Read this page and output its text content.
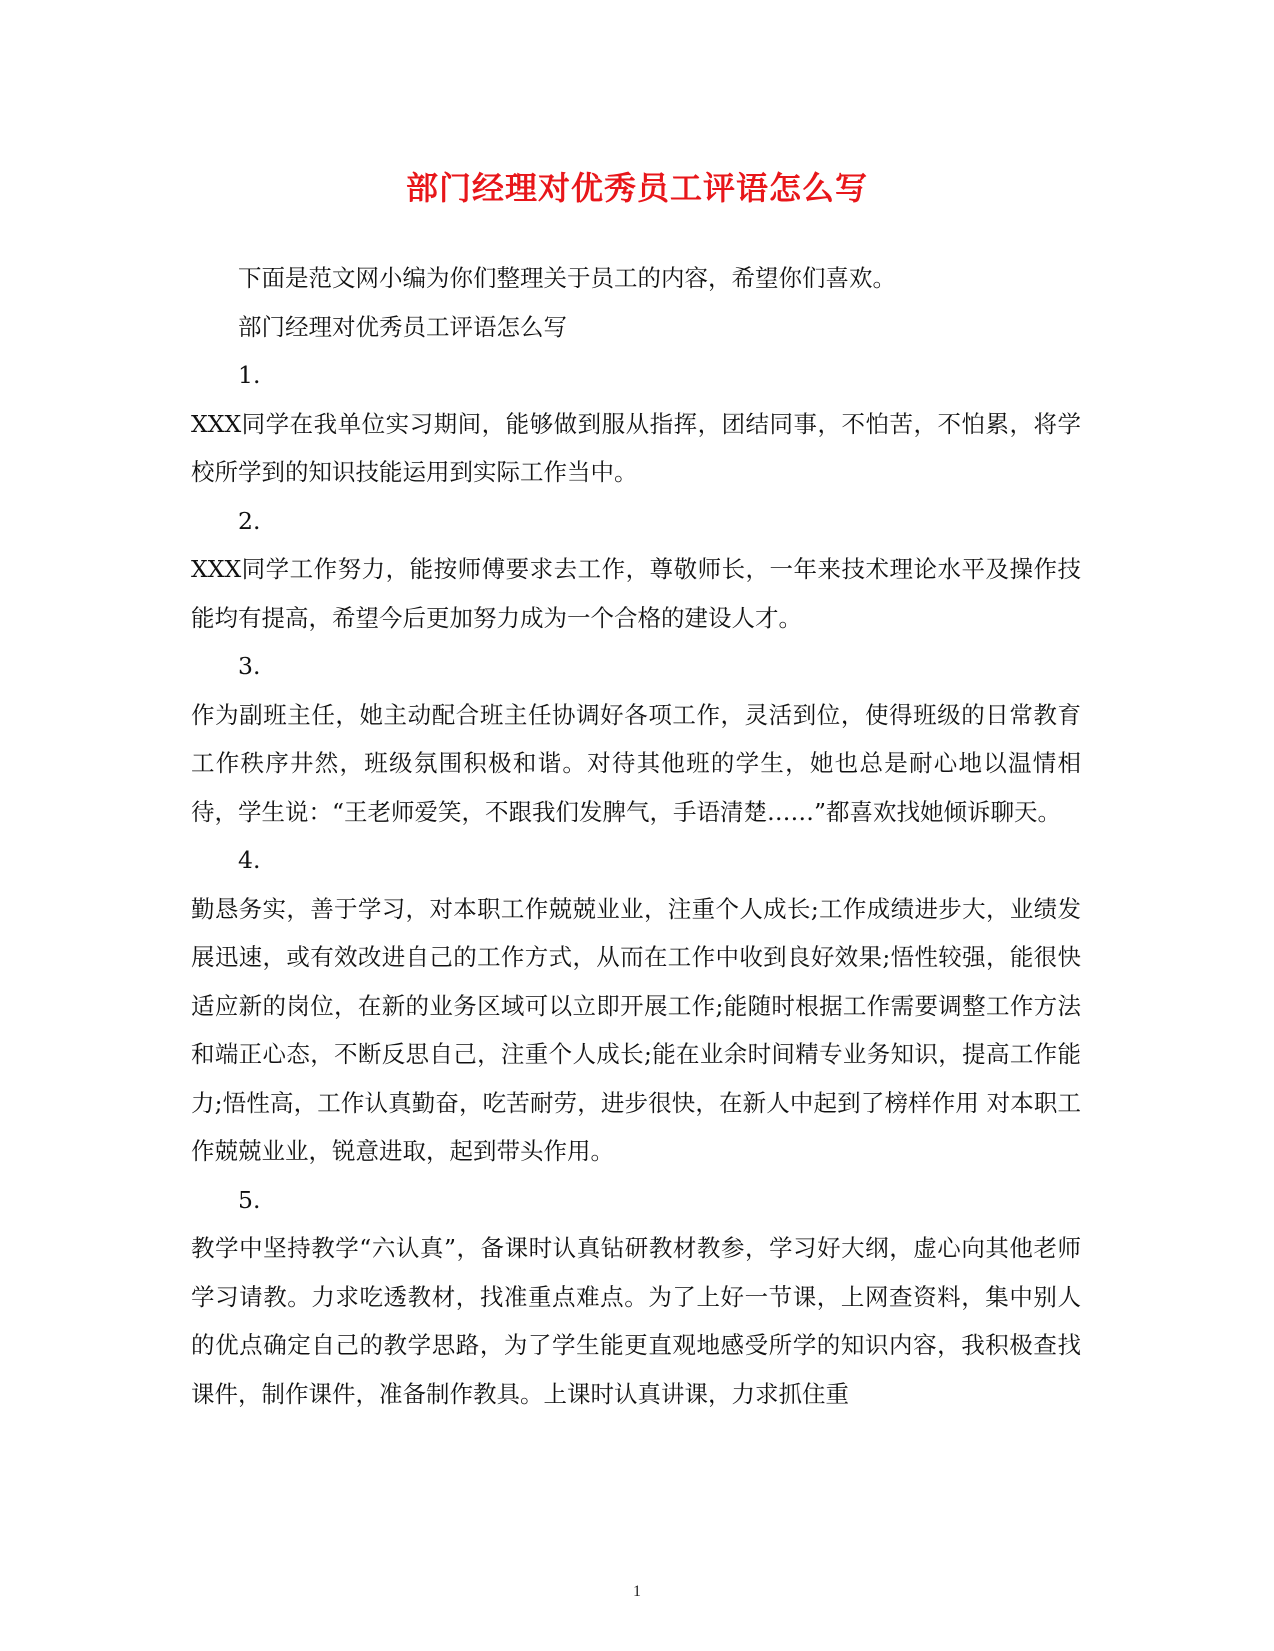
部门经理对优秀员工评语怎么写

下面是范文网小编为你们整理关于员工的内容，希望你们喜欢。

部门经理对优秀员工评语怎么写

1.

XXX同学在我单位实习期间，能够做到服从指挥，团结同事，不怕苦，不怕累，将学校所学到的知识技能运用到实际工作当中。

2.

XXX同学工作努力，能按师傅要求去工作，尊敬师长，一年来技术理论水平及操作技能均有提高，希望今后更加努力成为一个合格的建设人才。

3.

作为副班主任，她主动配合班主任协调好各项工作，灵活到位，使得班级的日常教育工作秩序井然，班级氛围积极和谐。对待其他班的学生，她也总是耐心地以温情相待，学生说：“王老师爱笑，不跟我们发脾气，手语清楚……”都喜欢找她倾诉聊天。

4.

勤恳务实，善于学习，对本职工作兢兢业业，注重个人成长;工作成绩进步大，业绩发展迅速，或有效改进自己的工作方式，从而在工作中收到良好效果;悟性较强，能很快适应新的岗位，在新的业务区域可以立即开展工作;能随时根据工作需要调整工作方法和端正心态，不断反思自己，注重个人成长;能在业余时间精专业务知识，提高工作能力;悟性高，工作认真勤奋，吃苦耐劳，进步很快，在新人中起到了榜样作用 对本职工作兢兢业业，锐意进取，起到带头作用。

5.

教学中坚持教学“六认真”，备课时认真钻研教材教参，学习好大纲，虚心向其他老师学习请教。力求吃透教材，找准重点难点。为了上好一节课，上网查资料，集中别人的优点确定自己的教学思路，为了学生能更直观地感受所学的知识内容，我积极查找课件，制作课件，准备制作教具。上课时认真讲课，力求抓住重

1
